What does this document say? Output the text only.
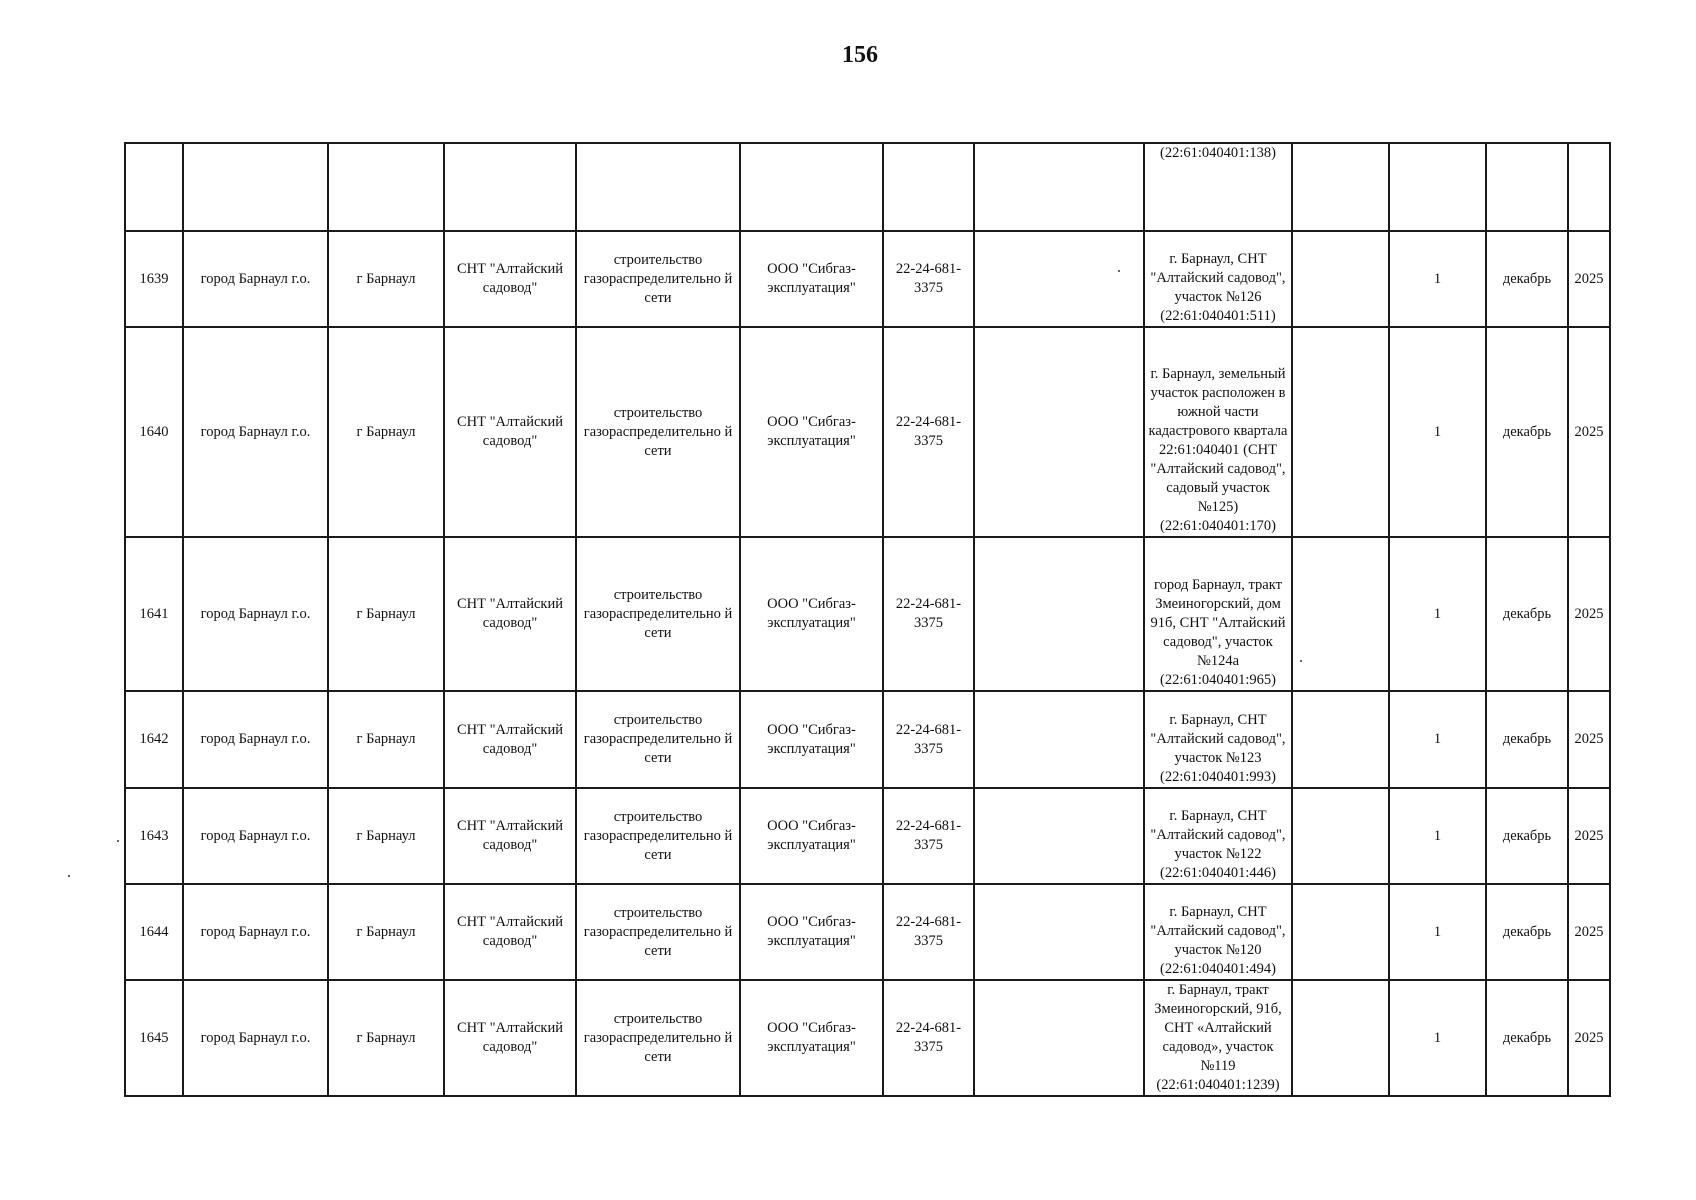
156
								(22:61:040401:138)				
1639	город Барнаул г.о.	г Барнаул	СНТ "Алтайский садовод"	строительство газораспределительно й сети	ООО "Сибгаз-эксплуатация"	22-24-681-3375		г. Барнаул, СНТ "Алтайский садовод", участок №126 (22:61:040401:511)		1	декабрь	2025
1640	город Барнаул г.о.	г Барнаул	СНТ "Алтайский садовод"	строительство газораспределительно й сети	ООО "Сибгаз-эксплуатация"	22-24-681-3375		г. Барнаул, земельный участок расположен в южной части кадастрового квартала 22:61:040401 (СНТ "Алтайский садовод", садовый участок №125) (22:61:040401:170)		1	декабрь	2025
1641	город Барнаул г.о.	г Барнаул	СНТ "Алтайский садовод"	строительство газораспределительно й сети	ООО "Сибгаз-эксплуатация"	22-24-681-3375		город Барнаул, тракт Змеиногорский, дом 91б, СНТ "Алтайский садовод", участок №124а (22:61:040401:965)		1	декабрь	2025
1642	город Барнаул г.о.	г Барнаул	СНТ "Алтайский садовод"	строительство газораспределительно й сети	ООО "Сибгаз-эксплуатация"	22-24-681-3375		г. Барнаул, СНТ "Алтайский садовод", участок №123 (22:61:040401:993)		1	декабрь	2025
1643	город Барнаул г.о.	г Барнаул	СНТ "Алтайский садовод"	строительство газораспределительно й сети	ООО "Сибгаз-эксплуатация"	22-24-681-3375		г. Барнаул, СНТ "Алтайский садовод", участок №122 (22:61:040401:446)		1	декабрь	2025
1644	город Барнаул г.о.	г Барнаул	СНТ "Алтайский садовод"	строительство газораспределительно й сети	ООО "Сибгаз-эксплуатация"	22-24-681-3375		г. Барнаул, СНТ "Алтайский садовод", участок №120 (22:61:040401:494)		1	декабрь	2025
1645	город Барнаул г.о.	г Барнаул	СНТ "Алтайский садовод"	строительство газораспределительно й сети	ООО "Сибгаз-эксплуатация"	22-24-681-3375		г. Барнаул, тракт Змеиногорский, 91б, СНТ «Алтайский садовод», участок №119 (22:61:040401:1239)		1	декабрь	2025
